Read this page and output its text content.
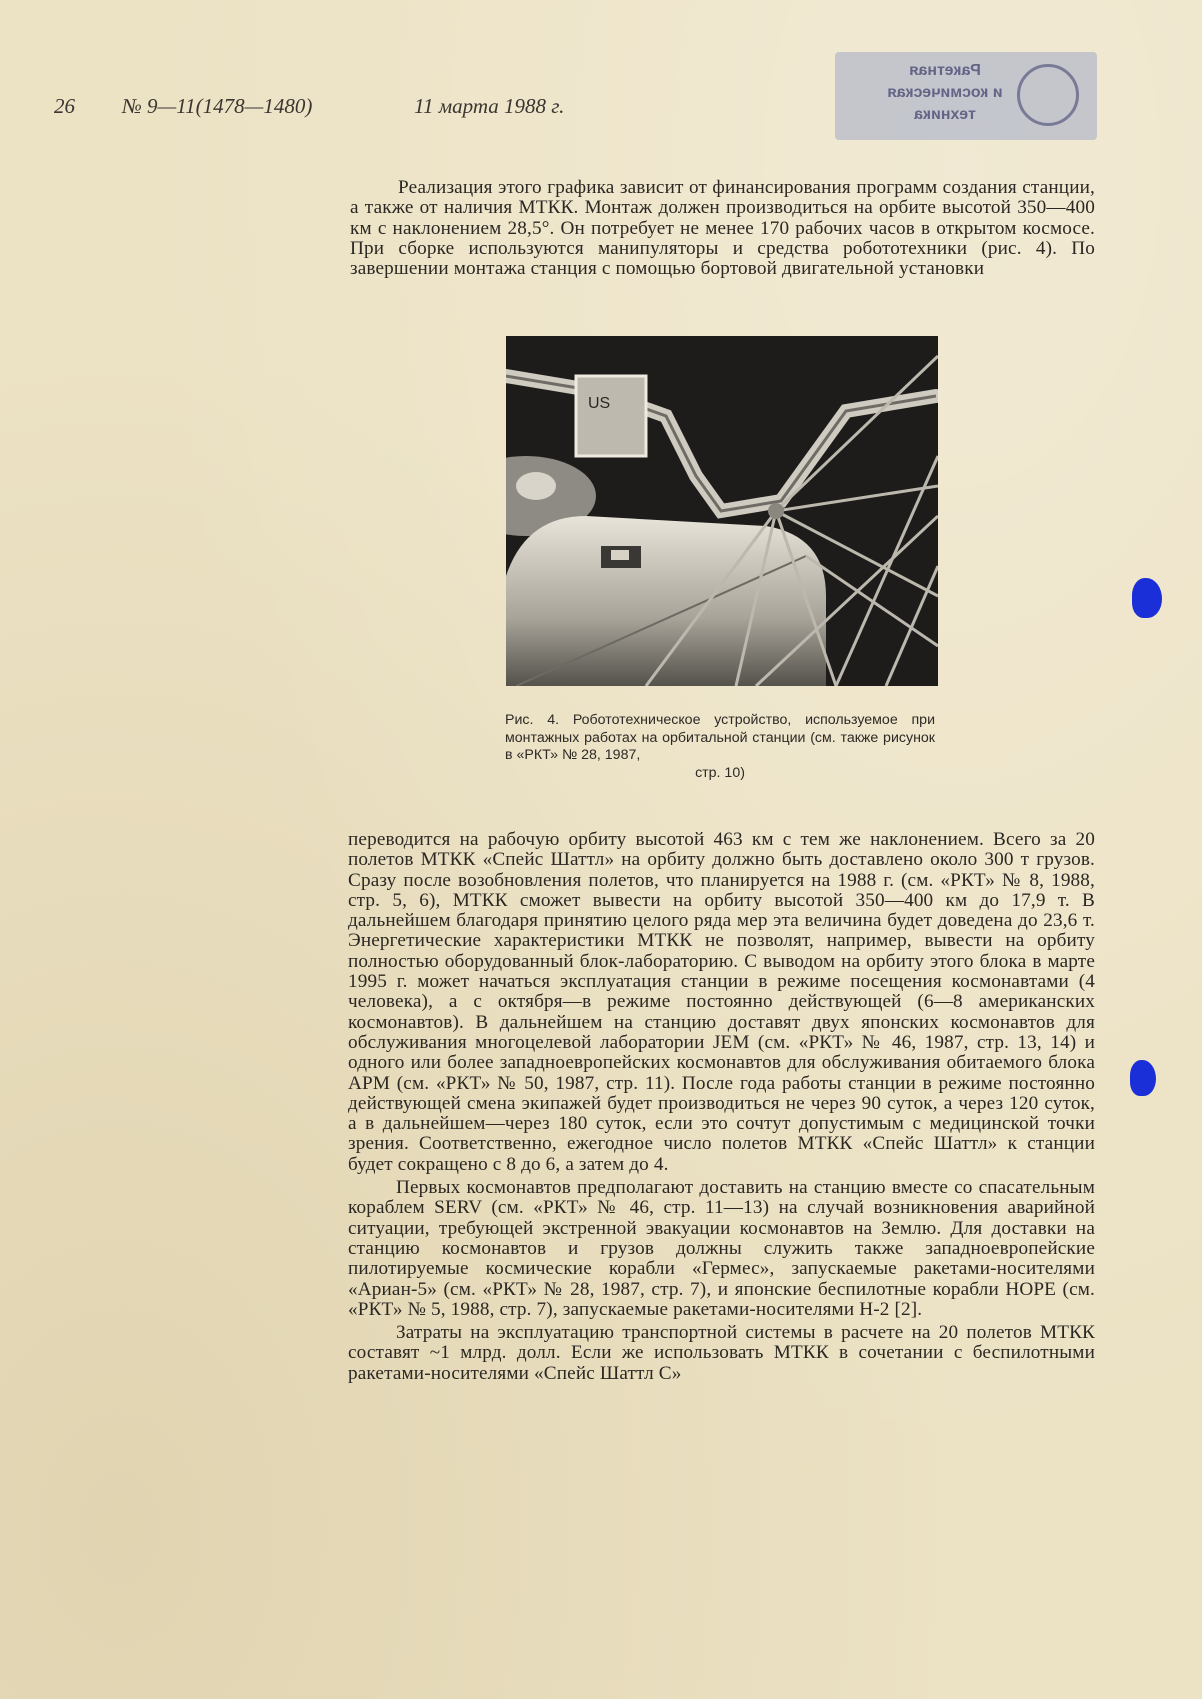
26 № 9—11(1478—1480)	11 марта 1988 г.
Ракетная
и космическая
техника

Реализация этого графика зависит от финансирования программ создания станции, а также от наличия МТКК. Монтаж должен производиться на орбите высотой 350—400 км с наклонением 28,5°. Он потребует не менее 170 рабочих часов в открытом космосе. При сборке используются манипуляторы и средства робототехники (рис. 4). По завершении монтажа станция с помощью бортовой двигательной установки

US
Рис. 4. Робототехническое устройство, используемое при монтажных работах на орбитальной станции (см. также рисунок в «РКТ» № 28, 1987,
стр. 10)

переводится на рабочую орбиту высотой 463 км с тем же наклонением. Всего за 20 полетов МТКК «Спейс Шаттл» на орбиту должно быть доставлено около 300 т грузов. Сразу после возобновления полетов, что планируется на 1988 г. (см. «РКТ» № 8, 1988, стр. 5, 6), МТКК сможет вывести на орбиту высотой 350—400 км до 17,9 т. В дальнейшем благодаря принятию целого ряда мер эта величина будет доведена до 23,6 т. Энергетические характеристики МТКК не позволят, например, вывести на орбиту полностью оборудованный блок-лабораторию. С выводом на орбиту этого блока в марте 1995 г. может начаться эксплуатация станции в режиме посещения космонавтами (4 человека), а с октября—в режиме постоянно действующей (6—8 американских космонавтов). В дальнейшем на станцию доставят двух японских космонавтов для обслуживания многоцелевой лаборатории JEM (см. «РКТ» № 46, 1987, стр. 13, 14) и одного или более западноевропейских космонавтов для обслуживания обитаемого блока APM (см. «РКТ» № 50, 1987, стр. 11). После года работы станции в режиме постоянно действующей смена экипажей будет производиться не через 90 суток, а через 120 суток, а в дальнейшем—через 180 суток, если это сочтут допустимым с медицинской точки зрения. Соответственно, ежегодное число полетов МТКК «Спейс Шаттл» к станции будет сокращено с 8 до 6, а затем до 4.

Первых космонавтов предполагают доставить на станцию вместе со спасательным кораблем SERV (см. «РКТ» № 46, стр. 11—13) на случай возникновения аварийной ситуации, требующей экстренной эвакуации космонавтов на Землю. Для доставки на станцию космонавтов и грузов должны служить также западноевропейские пилотируемые космические корабли «Гермес», запускаемые ракетами-носителями «Ариан-5» (см. «РКТ» № 28, 1987, стр. 7), и японские беспилотные корабли HOPE (см. «РКТ» № 5, 1988, стр. 7), запускаемые ракетами-носителями H-2 [2].

Затраты на эксплуатацию транспортной системы в расчете на 20 полетов МТКК составят ~1 млрд. долл. Если же использовать МТКК в сочетании с беспилотными ракетами-носителями «Спейс Шаттл С»
